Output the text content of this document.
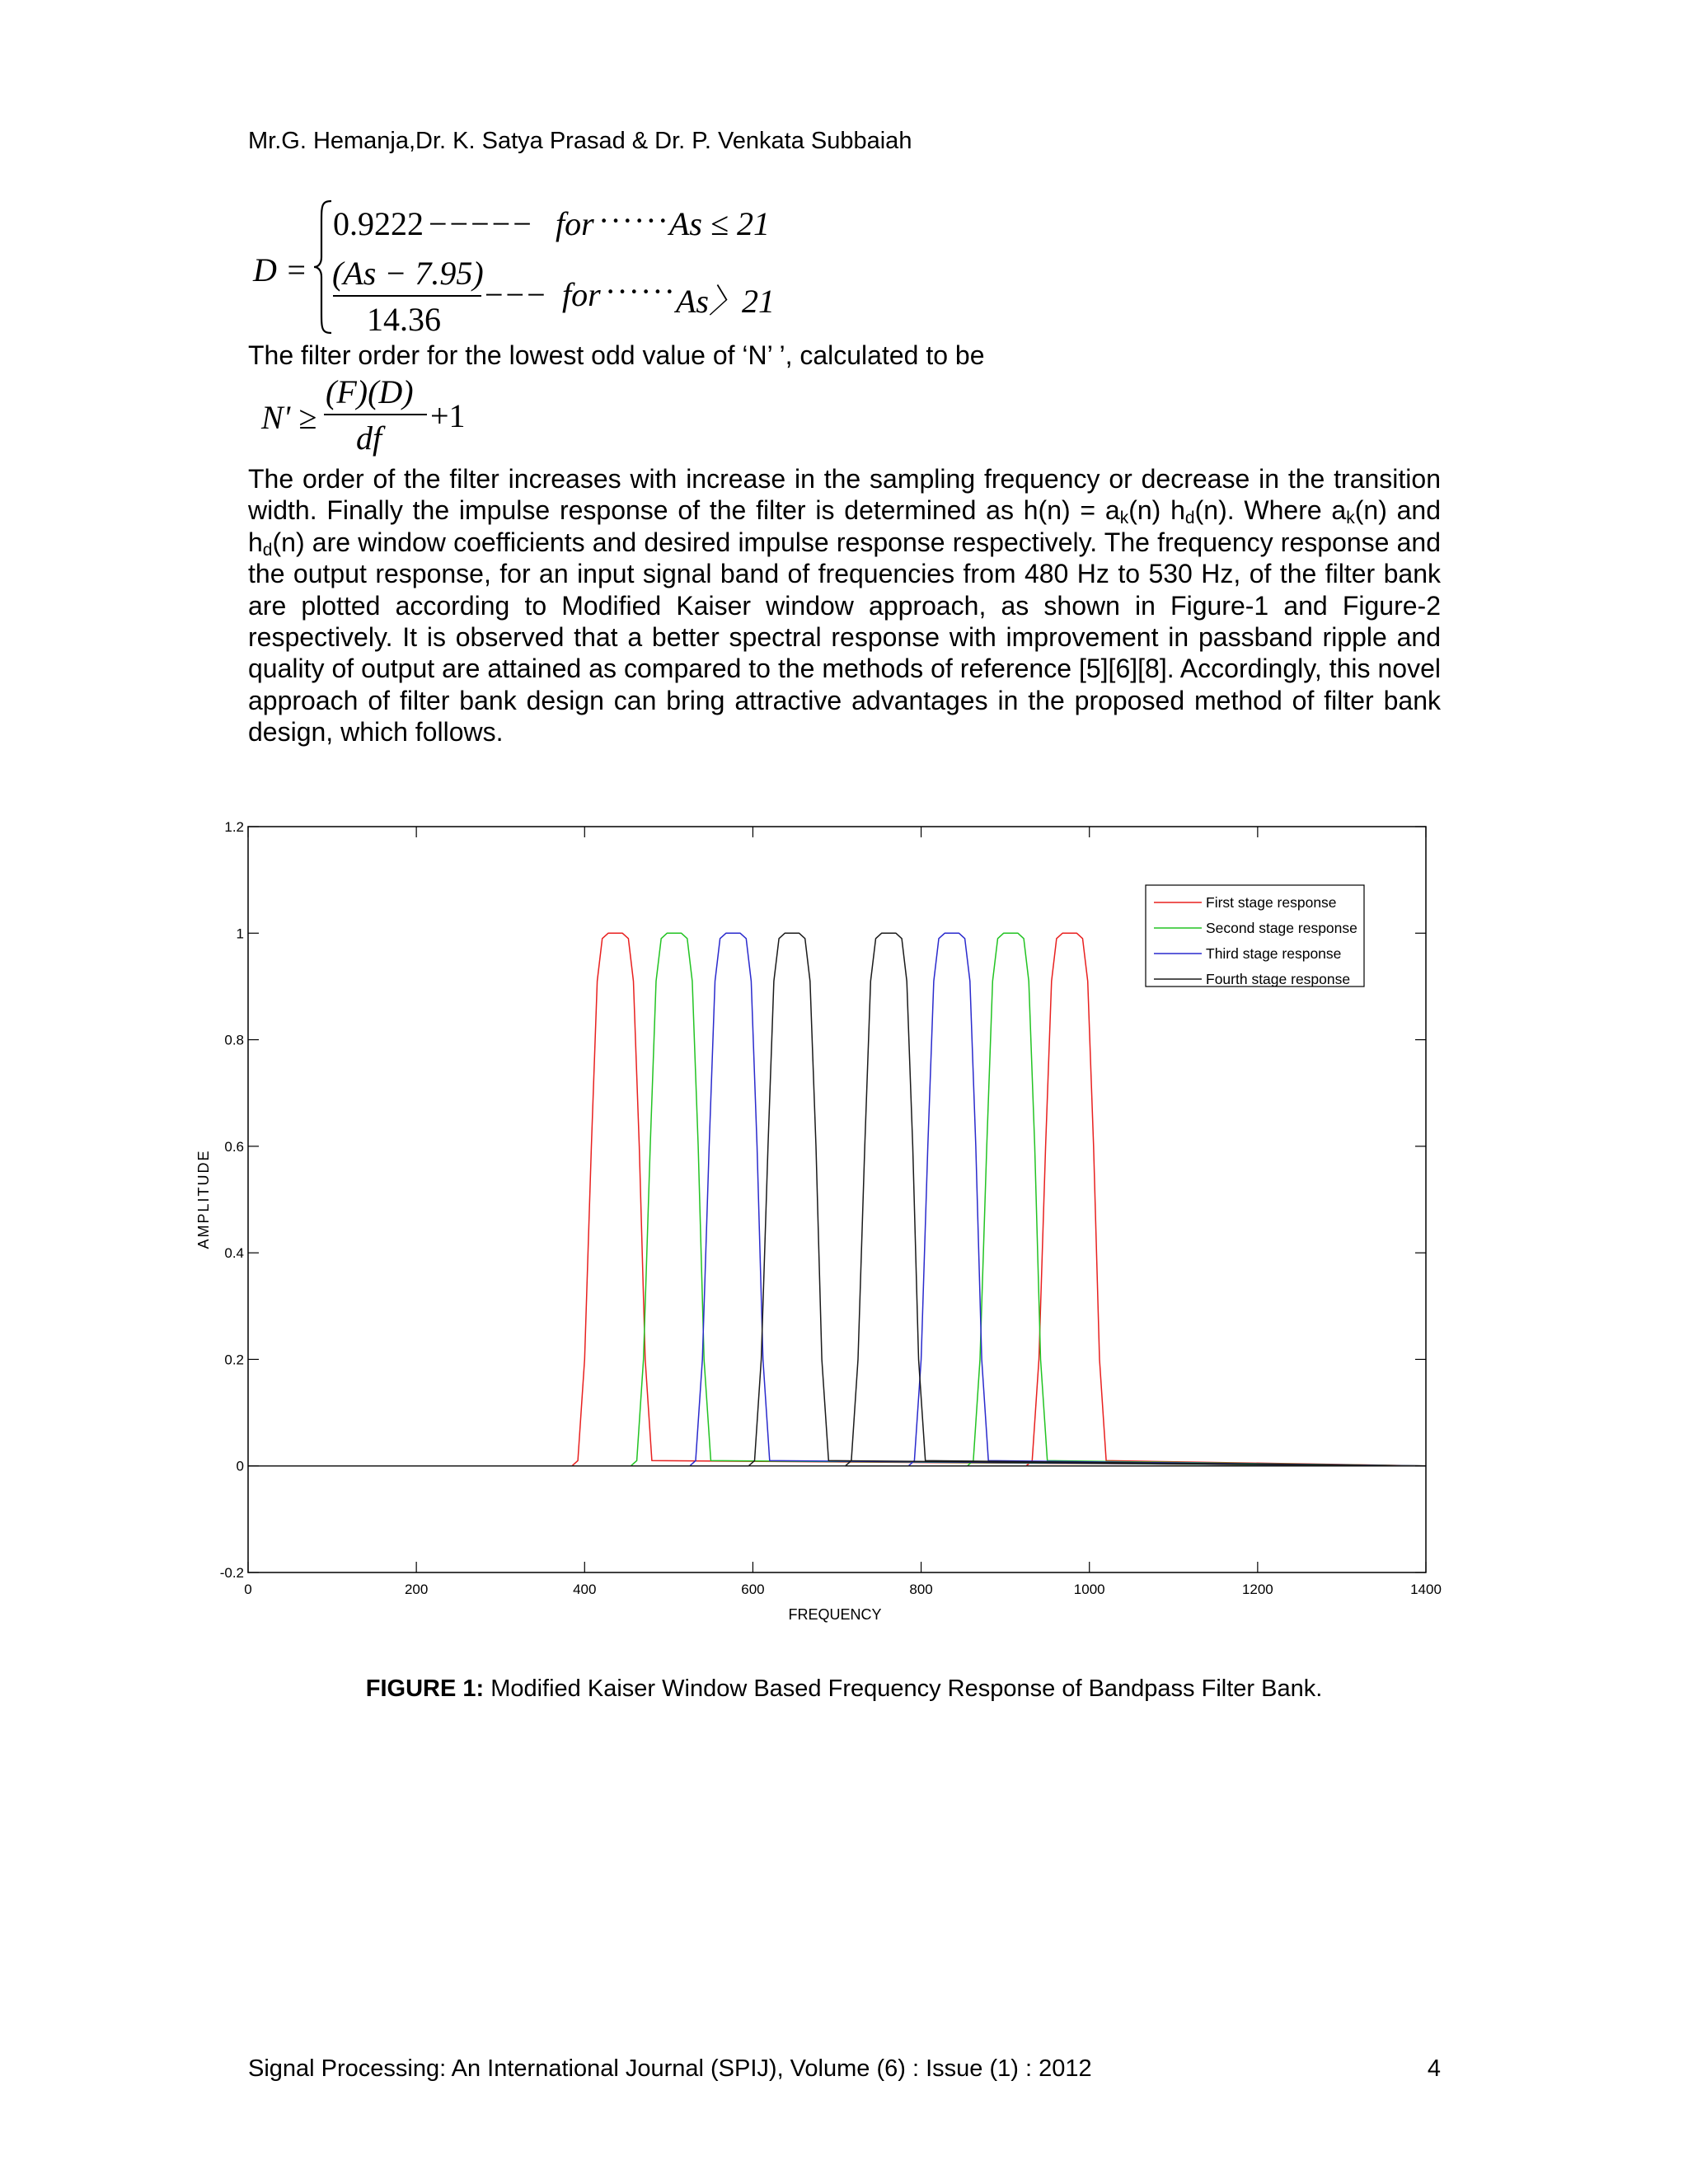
Mr.G. Hemanja,Dr. K. Satya Prasad & Dr. P. Venkata Subbaiah
D =
0.9222 −−−−− for ······ As ≤ 21
(As − 7.95)
14.36
−−− for ······ As〉21
The filter order for the lowest odd value of ‘N’ ’, calculated to be
N' ≥
(F)(D)
df
+1
The order of the filter increases with increase in the sampling frequency or decrease in the transition width. Finally the impulse response of the filter is determined as $h(n) = a_k(n)$ $h_d(n)$. Where $a_k(n)$ and $h_d(n)$ are window coefficients and desired impulse response respectively. The frequency response and the output response, for an input signal band of frequencies from 480 Hz to 530 Hz, of the filter bank are plotted according to Modified Kaiser window approach, as shown in Figure-1 and Figure-2 respectively. It is observed that a better spectral response with improvement in passband ripple and quality of output are attained as compared to the methods of reference [5][6][8]. Accordingly, this novel approach of filter bank design can bring attractive advantages in the proposed method of filter bank design, which follows.
0	200	400	600	800	1000	1200	1400
-0.2
0
0.2
0.4
0.6
0.8
1
1.2
FREQUENCY
AMPLITUDE
First stage response
Second stage response
Third stage response
Fourth stage response
FIGURE 1: Modified Kaiser Window Based Frequency Response of Bandpass Filter Bank.
Signal Processing: An International Journal (SPIJ), Volume (6) : Issue (1) : 2012	4
